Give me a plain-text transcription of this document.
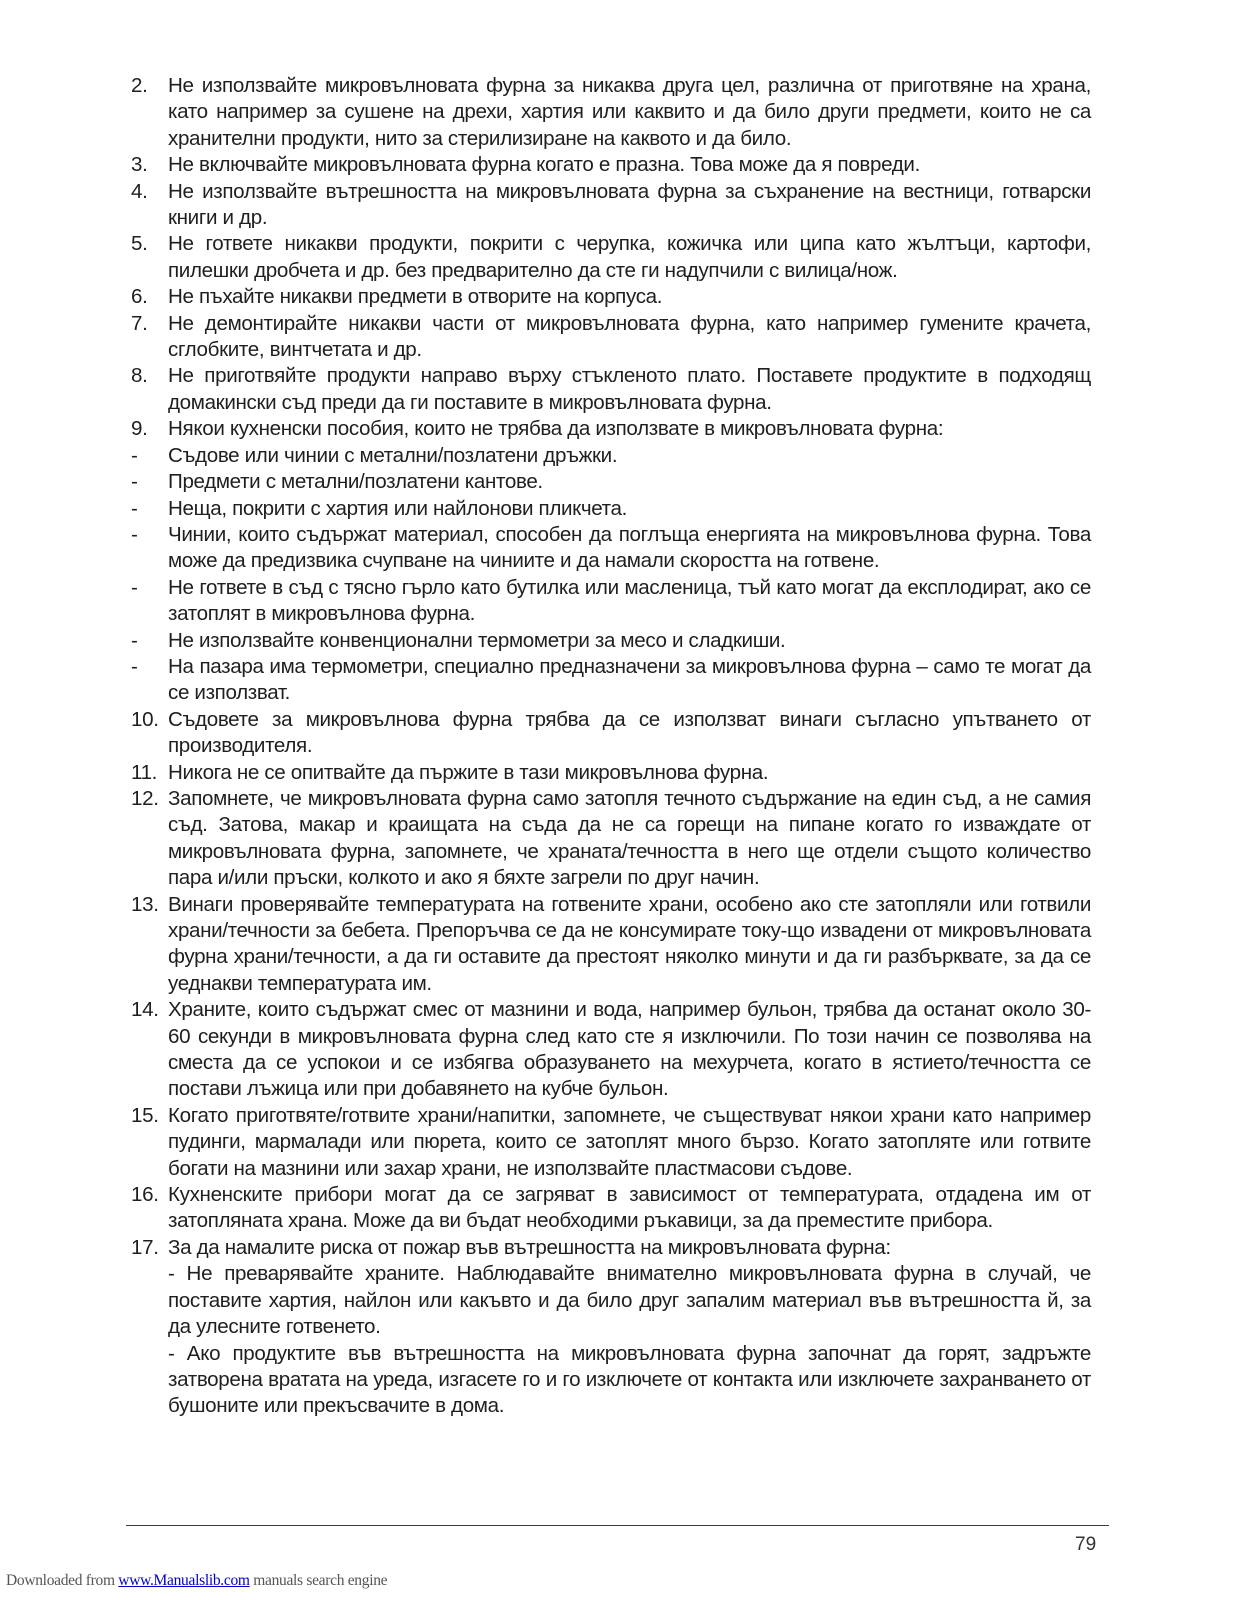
2. Не използвайте микровълновата фурна за никаква друга цел, различна от приготвяне на храна, като например за сушене на дрехи, хартия или каквито и да било други предмети, които не са хранителни продукти, нито за стерилизиране на каквото и да било.
3. Не включвайте микровълновата фурна когато е празна. Това може да я повреди.
4. Не използвайте вътрешността на микровълновата фурна за съхранение на вестници, готварски книги и др.
5. Не гответе никакви продукти, покрити с черупка, кожичка или ципа като жълтъци, картофи, пилешки дробчета и др. без предварително да сте ги надупчили с вилица/нож.
6. Не пъхайте никакви предмети в отворите на корпуса.
7. Не демонтирайте никакви части от микровълновата фурна, като например гумените крачета, сглобките, винтчетата и др.
8. Не приготвяйте продукти направо върху стъкленото плато. Поставете продуктите в подходящ домакински съд преди да ги поставите в микровълновата фурна.
9. Някои кухненски пособия, които не трябва да използвате в микровълновата фурна:
- Съдове или чинии с метални/позлатени дръжки.
- Предмети с метални/позлатени кантове.
- Неща, покрити с хартия или найлонови пликчета.
- Чинии, които съдържат материал, способен да поглъща енергията на микровълнова фурна. Това може да предизвика счупване на чиниите и да намали скоростта на готвене.
- Не гответе в съд с тясно гърло като бутилка или масленица, тъй като могат да експлодират, ако се затоплят в микровълнова фурна.
- Не използвайте конвенционални термометри за месо и сладкиши.
- На пазара има термометри, специално предназначени за микровълнова фурна – само те могат да се използват.
10. Съдовете за микровълнова фурна трябва да се използват винаги съгласно упътването от производителя.
11. Никога не се опитвайте да пържите в тази микровълнова фурна.
12. Запомнете, че микровълновата фурна само затопля течното съдържание на един съд, а не самия съд. Затова, макар и краищата на съда да не са горещи на пипане когато го изваждате от микровълновата фурна, запомнете, че храната/течността в него ще отдели същото количество пара и/или пръски, колкото и ако я бяхте загрели по друг начин.
13. Винаги проверявайте температурата на готвените храни, особено ако сте затопляли или готвили храни/течности за бебета. Препоръчва се да не консумирате току-що извадени от микровълновата фурна храни/течности, а да ги оставите да престоят няколко минути и да ги разбърквате, за да се уеднакви температурата им.
14. Храните, които съдържат смес от мазнини и вода, например бульон, трябва да останат около 30-60 секунди в микровълновата фурна след като сте я изключили. По този начин се позволява на сместа да се успокои и се избягва образуването на мехурчета, когато в ястието/течността се постави лъжица или при добавянето на кубче бульон.
15. Когато приготвяте/готвите храни/напитки, запомнете, че съществуват някои храни като например пудинги, мармалади или пюрета, които се затоплят много бързо. Когато затопляте или готвите богати на мазнини или захар храни, не използвайте пластмасови съдове.
16. Кухненските прибори могат да се загряват в зависимост от температурата, отдадена им от затопляната храна. Може да ви бъдат необходими ръкавици, за да преместите прибора.
17. За да намалите риска от пожар във вътрешността на микровълновата фурна:
- Не преварявайте храните. Наблюдавайте внимателно микровълновата фурна в случай, че поставите хартия, найлон или какъвто и да било друг запалим материал във вътрешността й, за да улесните готвенето.
- Ако продуктите във вътрешността на микровълновата фурна започнат да горят, задръжте затворена вратата на уреда, изгасете го и го изключете от контакта или изключете захранването от бушоните или прекъсвачите в дома.
79
Downloaded from www.Manualslib.com manuals search engine
